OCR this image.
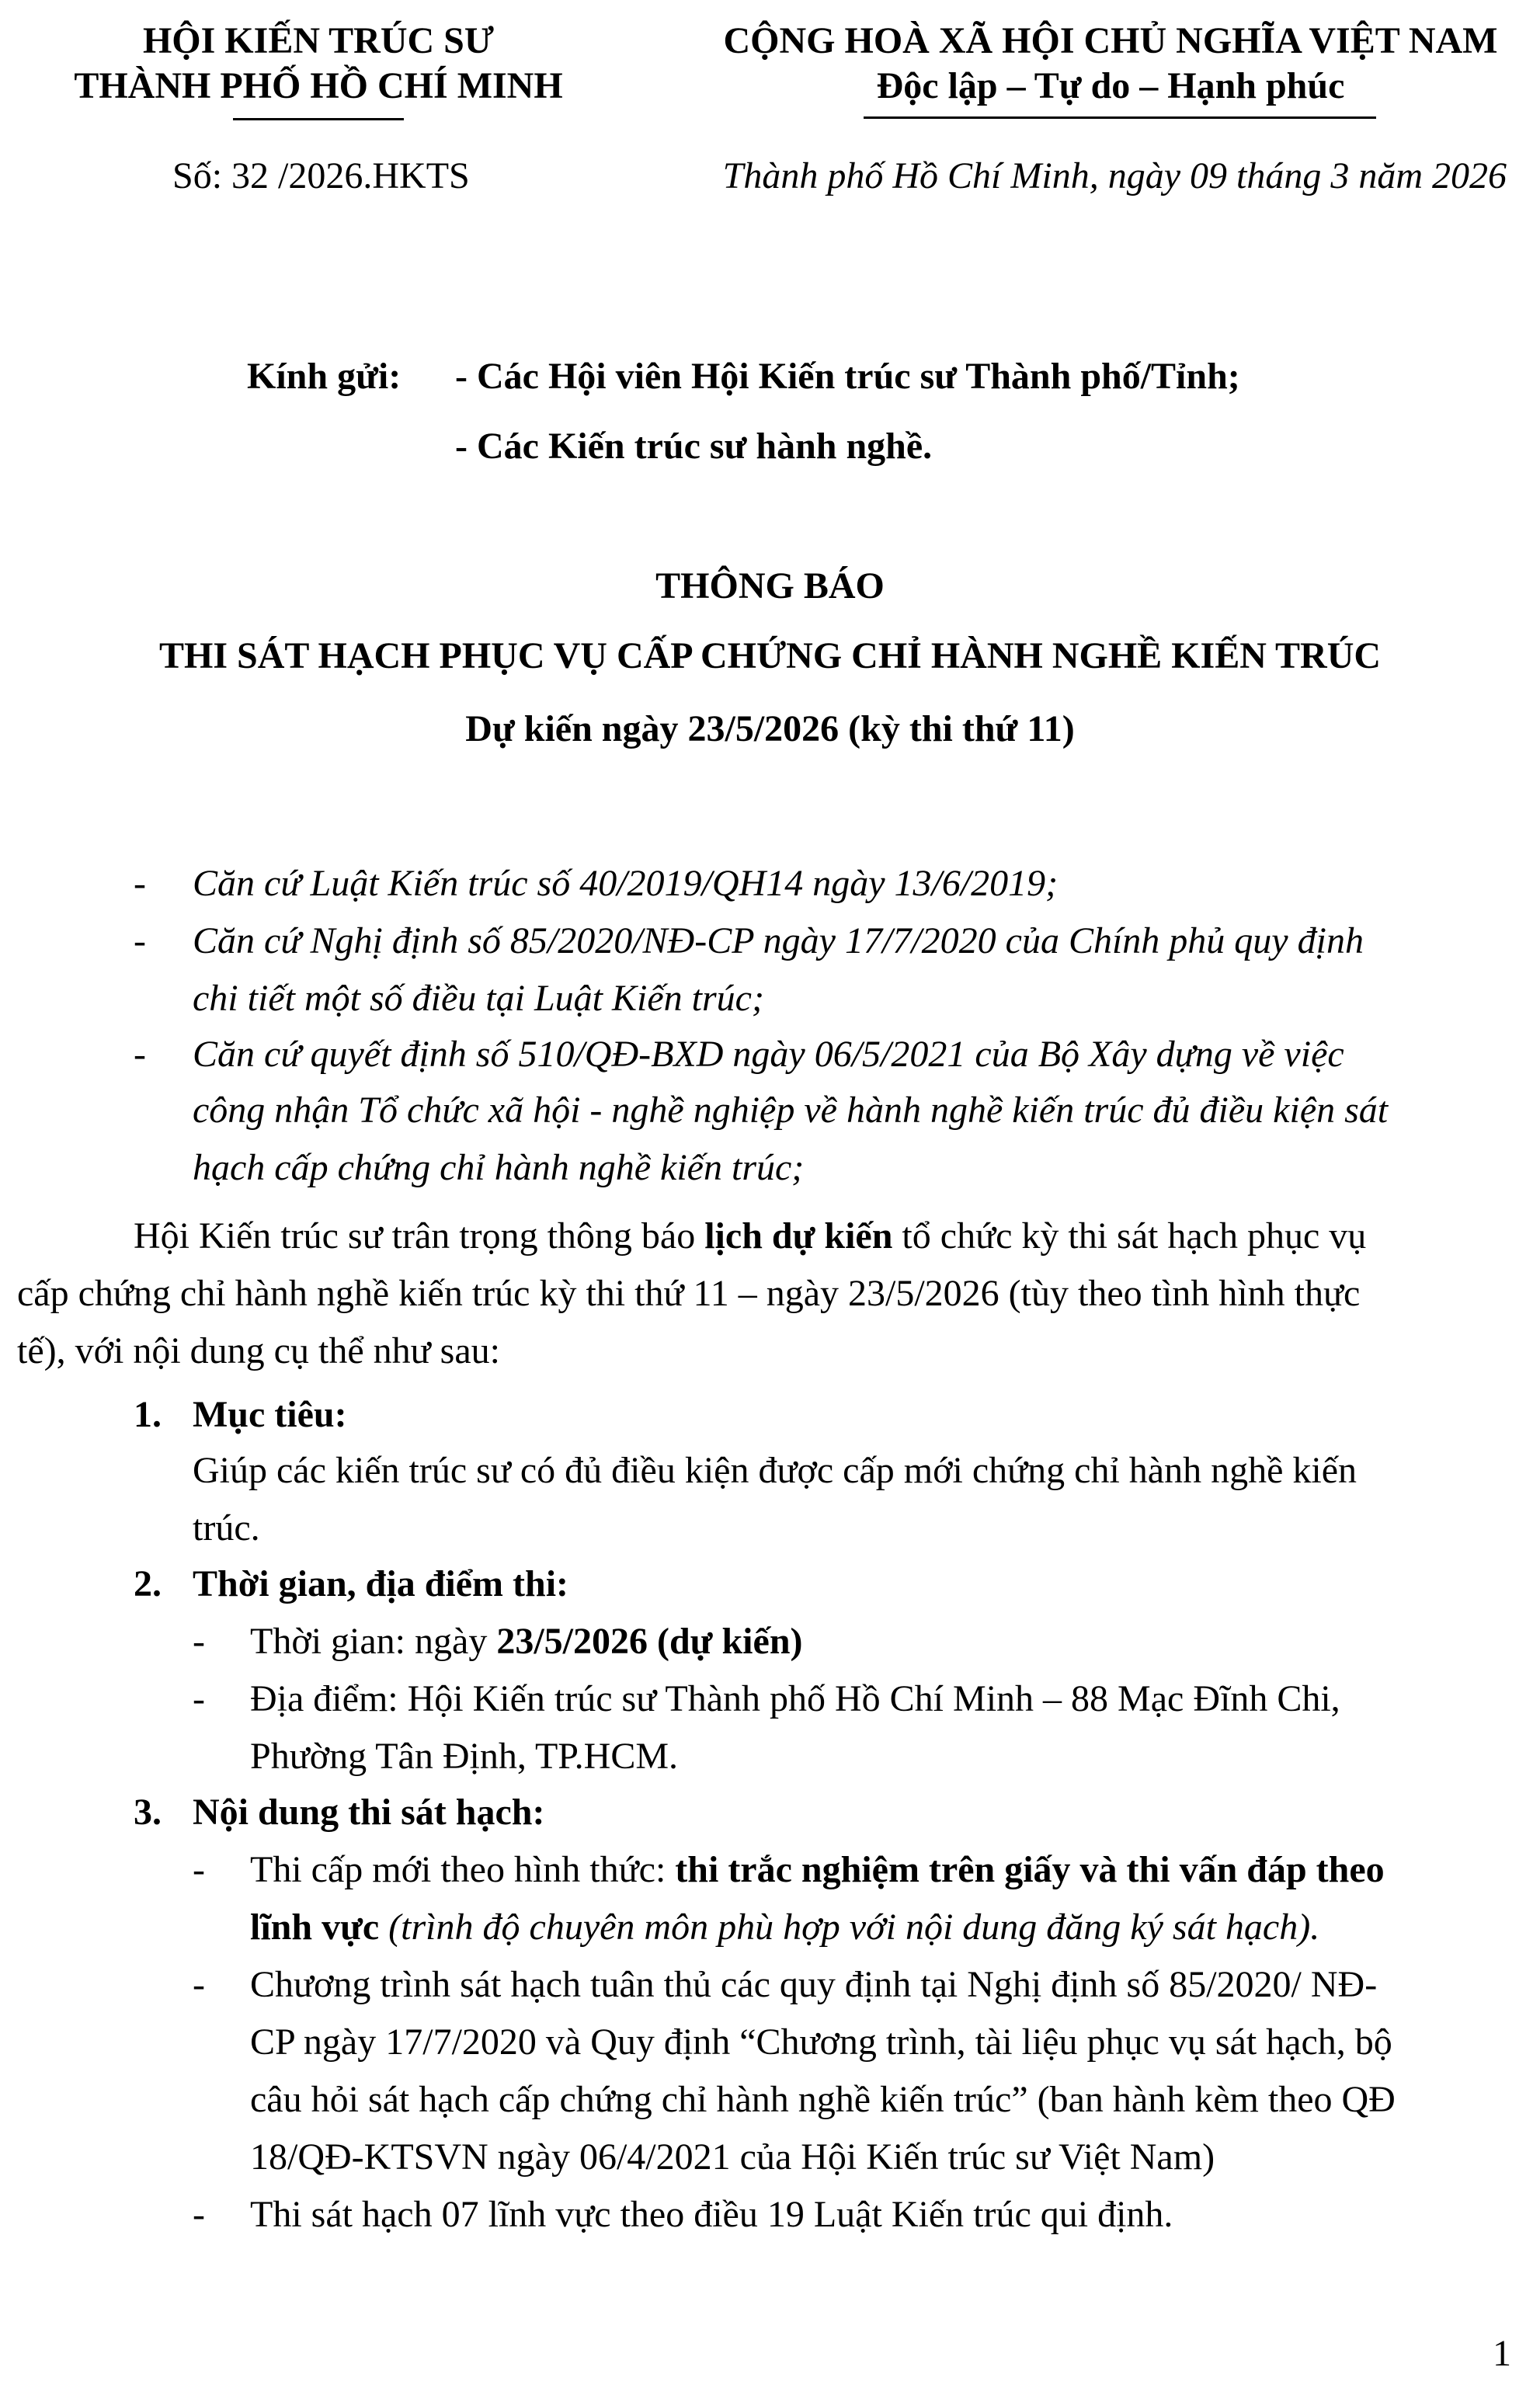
HỘI KIẾN TRÚC SƯ
THÀNH PHỐ HỒ CHÍ MINH
CỘNG HOÀ XÃ HỘI CHỦ NGHĨA VIỆT NAM
Độc lập – Tự do – Hạnh phúc
Số: 32 /2026.HKTS	Thành phố Hồ Chí Minh, ngày 09 tháng 3 năm 2026
Kính gửi: - Các Hội viên Hội Kiến trúc sư Thành phố/Tỉnh;
- Các Kiến trúc sư hành nghề.
THÔNG BÁO
THI SÁT HẠCH PHỤC VỤ CẤP CHỨNG CHỈ HÀNH NGHỀ KIẾN TRÚC
Dự kiến ngày 23/5/2026 (kỳ thi thứ 11)
- Căn cứ Luật Kiến trúc số 40/2019/QH14 ngày 13/6/2019;
- Căn cứ Nghị định số 85/2020/NĐ-CP ngày 17/7/2020 của Chính phủ quy định
chi tiết một số điều tại Luật Kiến trúc;
- Căn cứ quyết định số 510/QĐ-BXD ngày 06/5/2021 của Bộ Xây dựng về việc
công nhận Tổ chức xã hội - nghề nghiệp về hành nghề kiến trúc đủ điều kiện sát
hạch cấp chứng chỉ hành nghề kiến trúc;
Hội Kiến trúc sư trân trọng thông báo lịch dự kiến tổ chức kỳ thi sát hạch phục vụ
cấp chứng chỉ hành nghề kiến trúc kỳ thi thứ 11 – ngày 23/5/2026 (tùy theo tình hình thực
tế), với nội dung cụ thể như sau:
1. Mục tiêu:
Giúp các kiến trúc sư có đủ điều kiện được cấp mới chứng chỉ hành nghề kiến
trúc.
2. Thời gian, địa điểm thi:
- Thời gian: ngày 23/5/2026 (dự kiến)
- Địa điểm: Hội Kiến trúc sư Thành phố Hồ Chí Minh – 88 Mạc Đĩnh Chi,
Phường Tân Định, TP.HCM.
3. Nội dung thi sát hạch:
- Thi cấp mới theo hình thức: thi trắc nghiệm trên giấy và thi vấn đáp theo
lĩnh vực (trình độ chuyên môn phù hợp với nội dung đăng ký sát hạch).
- Chương trình sát hạch tuân thủ các quy định tại Nghị định số 85/2020/ NĐ-
CP ngày 17/7/2020 và Quy định “Chương trình, tài liệu phục vụ sát hạch, bộ
câu hỏi sát hạch cấp chứng chỉ hành nghề kiến trúc” (ban hành kèm theo QĐ
18/QĐ-KTSVN ngày 06/4/2021 của Hội Kiến trúc sư Việt Nam)
- Thi sát hạch 07 lĩnh vực theo điều 19 Luật Kiến trúc qui định.
1
